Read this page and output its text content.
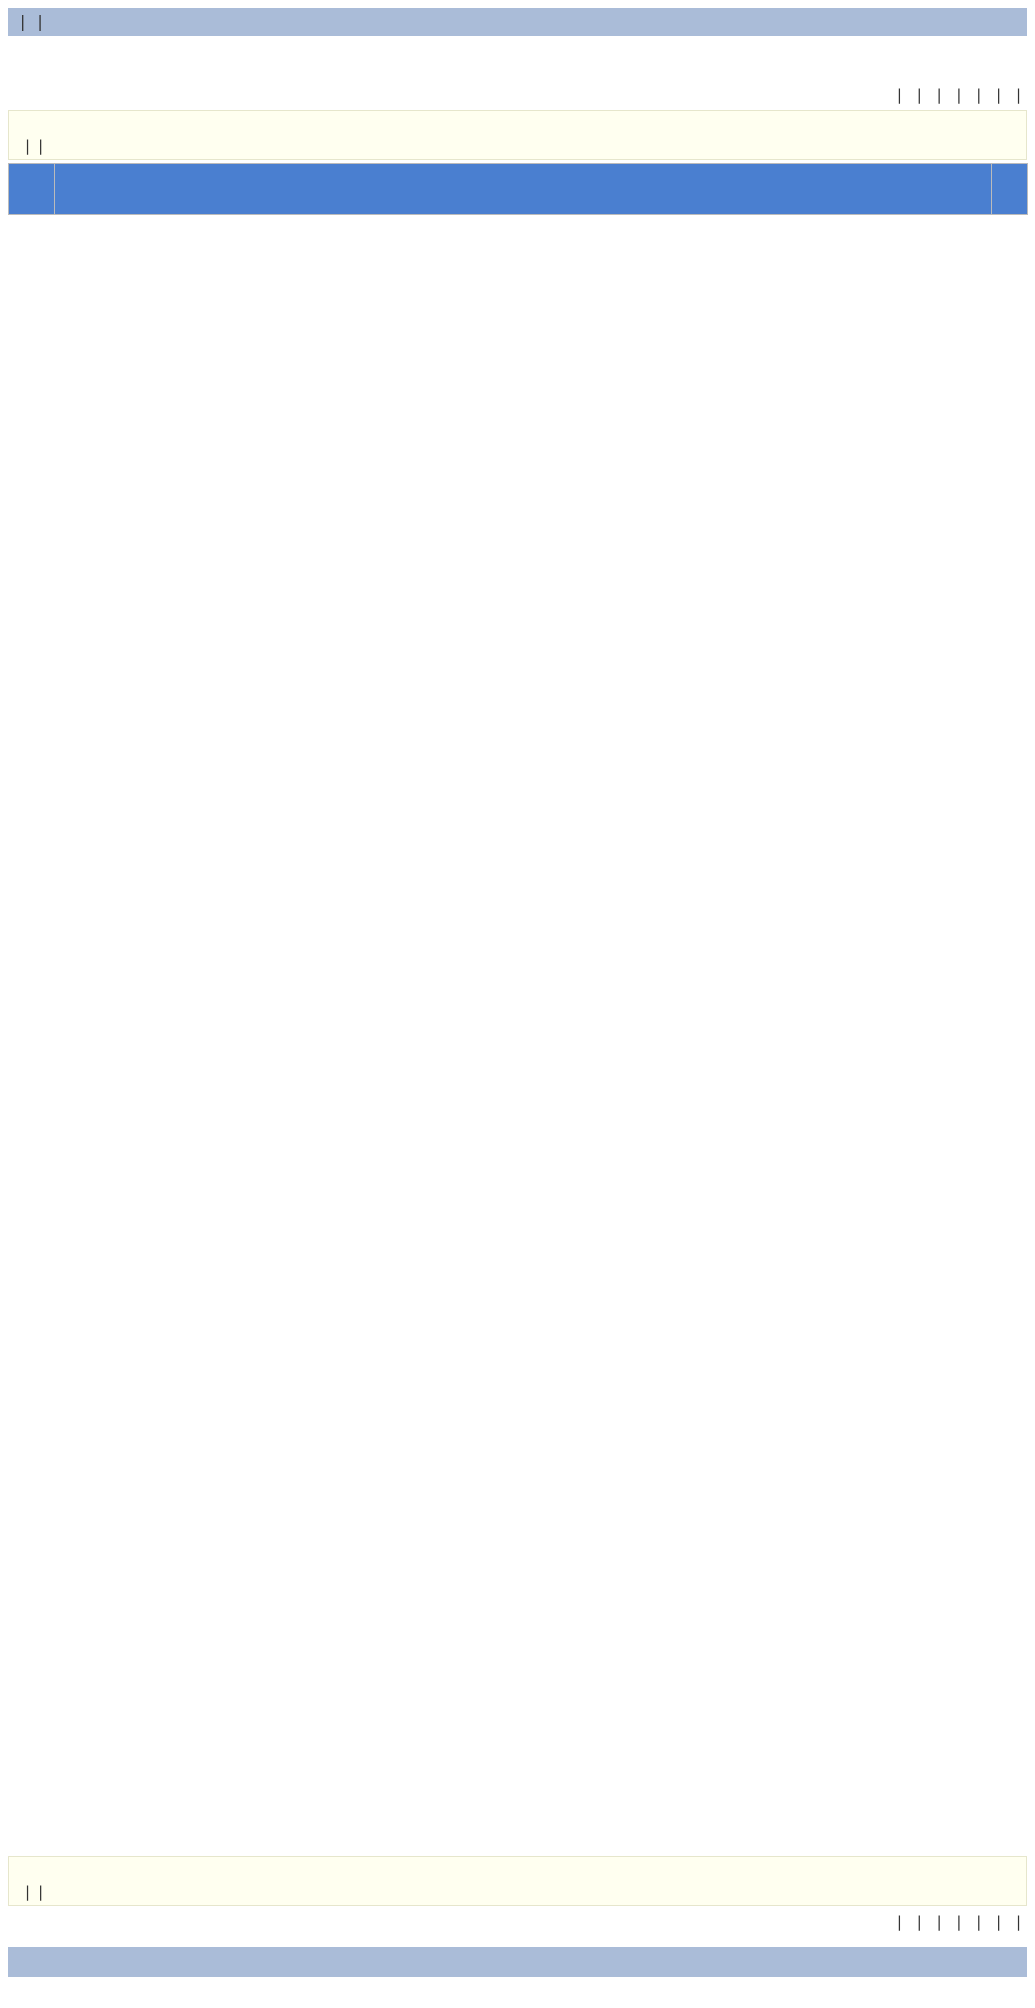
| |
| | | | | | |
| |

| |
| | | | | | |
